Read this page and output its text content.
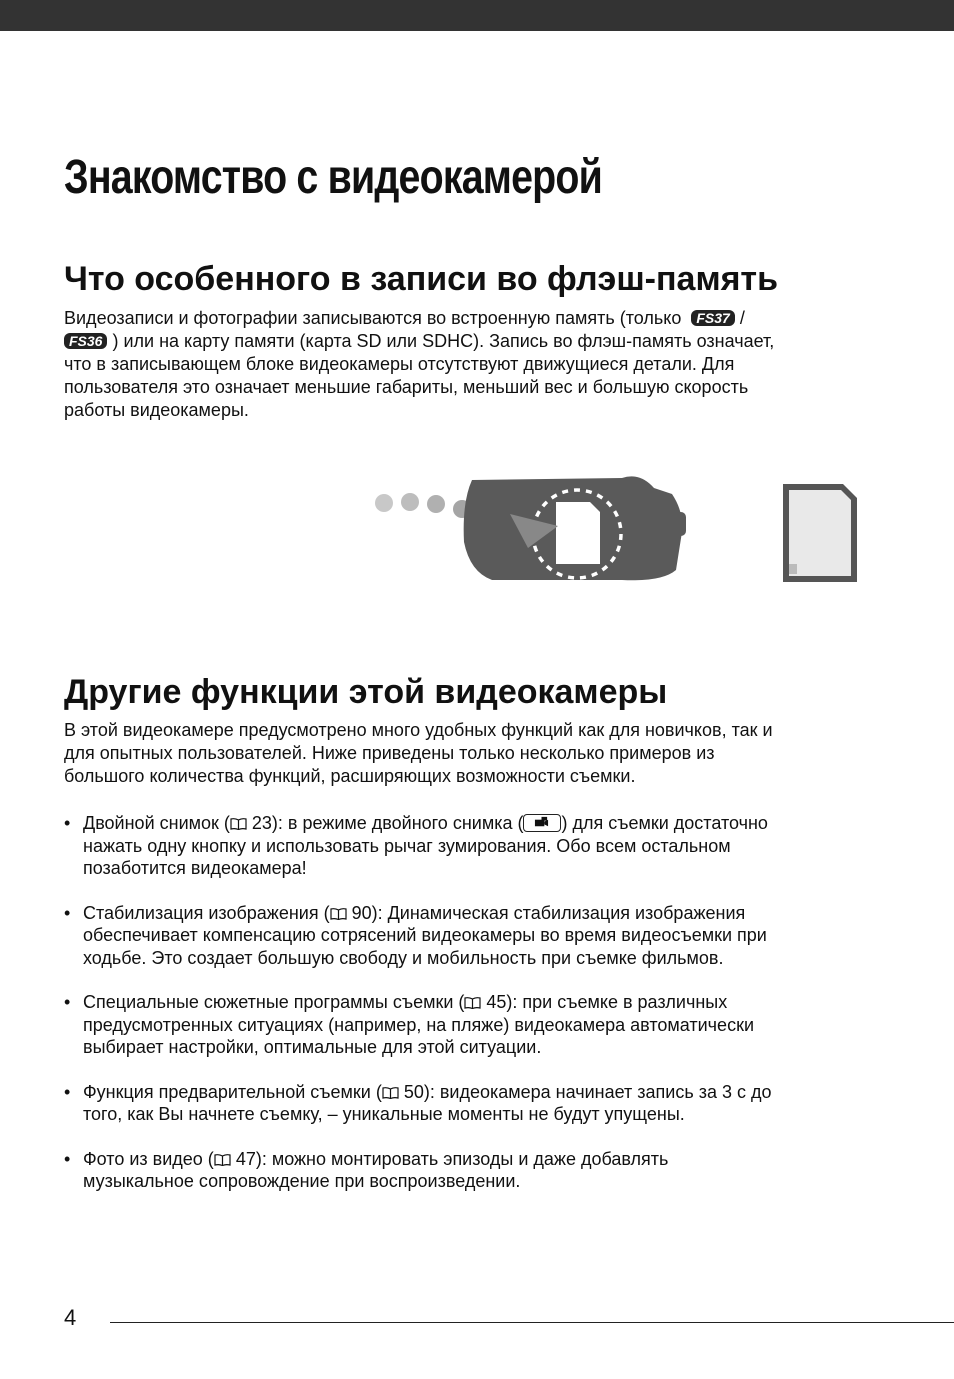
Знакомство с видеокамерой
Что особенного в записи во флэш-память

Видеозаписи и фотографии записываются во встроенную память (только FS37 /
FS36 ) или на карту памяти (карта SD или SDHC). Запись во флэш-память означает,
что в записывающем блоке видеокамеры отсутствуют движущиеся детали. Для
пользователя это означает меньшие габариты, меньший вес и большую скорость
работы видеокамеры.

Другие функции этой видеокамеры

В этой видеокамере предусмотрено много удобных функций как для новичков, так и
для опытных пользователей. Ниже приведены только несколько примеров из
большого количества функций, расширяющих возможности съемки.

• Двойной снимок ( 23): в режиме двойного снимка ( ) для съемки достаточно
нажать одну кнопку и использовать рычаг зумирования. Обо всем остальном
позаботится видеокамера!
• Стабилизация изображения ( 90): Динамическая стабилизация изображения
обеспечивает компенсацию сотрясений видеокамеры во время видеосъемки при
ходьбе. Это создает большую свободу и мобильность при съемке фильмов.
• Специальные сюжетные программы съемки ( 45): при съемке в различных
предусмотренных ситуациях (например, на пляже) видеокамера автоматически
выбирает настройки, оптимальные для этой ситуации.
• Функция предварительной съемки ( 50): видеокамера начинает запись за 3 с до
того, как Вы начнете съемку, – уникальные моменты не будут упущены.
• Фото из видео ( 47): можно монтировать эпизоды и даже добавлять
музыкальное сопровождение при воспроизведении.
4
